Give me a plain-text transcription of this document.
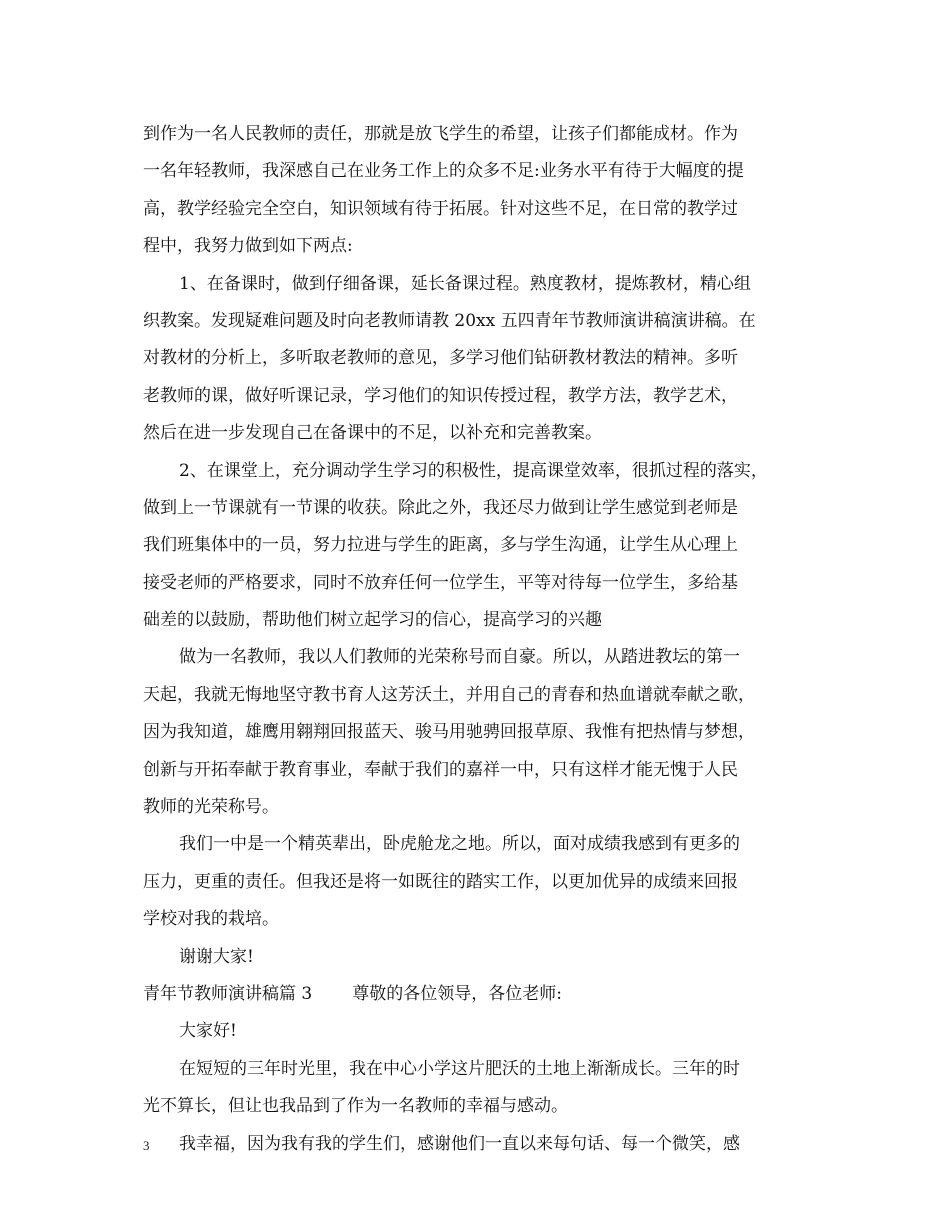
到作为一名人民教师的责任，那就是放飞学生的希望，让孩子们都能成材。作为
一名年轻教师，我深感自己在业务工作上的众多不足:业务水平有待于大幅度的提
高，教学经验完全空白，知识领域有待于拓展。针对这些不足，在日常的教学过
程中，我努力做到如下两点:
1、在备课时，做到仔细备课，延长备课过程。熟度教材，提炼教材，精心组
织教案。发现疑难问题及时向老教师请教 20xx 五四青年节教师演讲稿演讲稿。在
对教材的分析上，多听取老教师的意见，多学习他们钻研教材教法的精神。多听
老教师的课，做好听课记录，学习他们的知识传授过程，教学方法，教学艺术，
然后在进一步发现自己在备课中的不足，以补充和完善教案。
2、在课堂上，充分调动学生学习的积极性，提高课堂效率，很抓过程的落实，
做到上一节课就有一节课的收获。除此之外，我还尽力做到让学生感觉到老师是
我们班集体中的一员，努力拉进与学生的距离，多与学生沟通，让学生从心理上
接受老师的严格要求，同时不放弃任何一位学生，平等对待每一位学生，多给基
础差的以鼓励，帮助他们树立起学习的信心，提高学习的兴趣
做为一名教师，我以人们教师的光荣称号而自豪。所以，从踏进教坛的第一
天起，我就无悔地坚守教书育人这芳沃土，并用自己的青春和热血谱就奉献之歌，
因为我知道，雄鹰用翱翔回报蓝天、骏马用驰骋回报草原、我惟有把热情与梦想，
创新与开拓奉献于教育事业，奉献于我们的嘉祥一中，只有这样才能无愧于人民
教师的光荣称号。
我们一中是一个精英辈出，卧虎舱龙之地。所以，面对成绩我感到有更多的
压力，更重的责任。但我还是将一如既往的踏实工作，以更加优异的成绩来回报
学校对我的栽培。
谢谢大家!
青年节教师演讲稿篇 3 尊敬的各位领导，各位老师:
大家好!
在短短的三年时光里，我在中心小学这片肥沃的土地上渐渐成长。三年的时
光不算长，但让也我品到了作为一名教师的幸福与感动。
我幸福，因为我有我的学生们，感谢他们一直以来每句话、每一个微笑，感
3
